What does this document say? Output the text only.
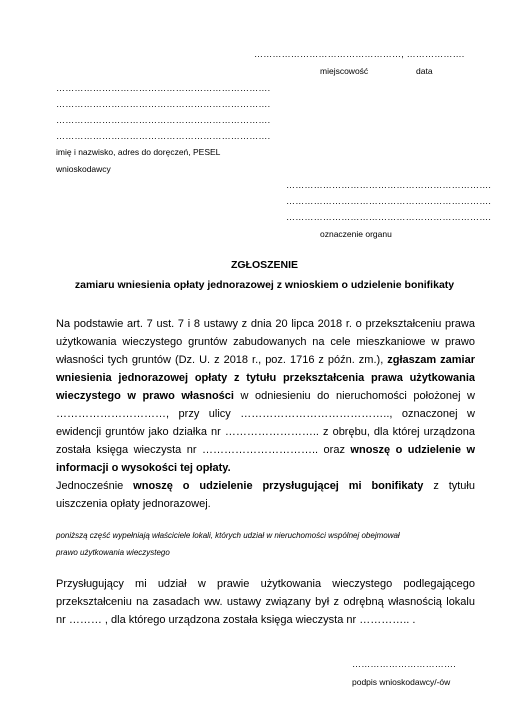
…………………………………………, ……………….
miejscowość	data
…………………………………………………………….
…………………………………………………………….
…………………………………………………………….
…………………………………………………………….
imię i nazwisko, adres do doręczeń, PESEL
wnioskodawcy
………………………………………………………….
………………………………………………………….
………………………………………………………….
oznaczenie organu
ZGŁOSZENIE
zamiaru wniesienia opłaty jednorazowej z wnioskiem o udzielenie bonifikaty
Na podstawie art. 7 ust. 7 i 8 ustawy z dnia 20 lipca 2018 r. o przekształceniu prawa
użytkowania wieczystego gruntów zabudowanych na cele mieszkaniowe w prawo
własności tych gruntów (Dz. U. z 2018 r., poz. 1716 z późn. zm.), zgłaszam zamiar
wniesienia jednorazowej opłaty z tytułu przekształcenia prawa użytkowania
wieczystego w prawo własności w odniesieniu do nieruchomości położonej w
…………………………, przy ulicy ………………………………….., oznaczonej w
ewidencji gruntów jako działka nr …………………….. z obrębu, dla której urządzona
została księga wieczysta nr ………………………….. oraz wnoszę o udzielenie w
informacji o wysokości tej opłaty.
Jednocześnie wnoszę o udzielenie przysługującej mi bonifikaty z tytułu
uiszczenia opłaty jednorazowej.
poniższą część wypełniają właściciele lokali, których udział w nieruchomości wspólnej obejmował
prawo użytkowania wieczystego
Przysługujący mi udział w prawie użytkowania wieczystego podlegającego
przekształceniu na zasadach ww. ustawy związany był z odrębną własnością lokalu
nr ……… , dla którego urządzona została księga wieczysta nr ………….. .
…………………………….
podpis wnioskodawcy/-ów
